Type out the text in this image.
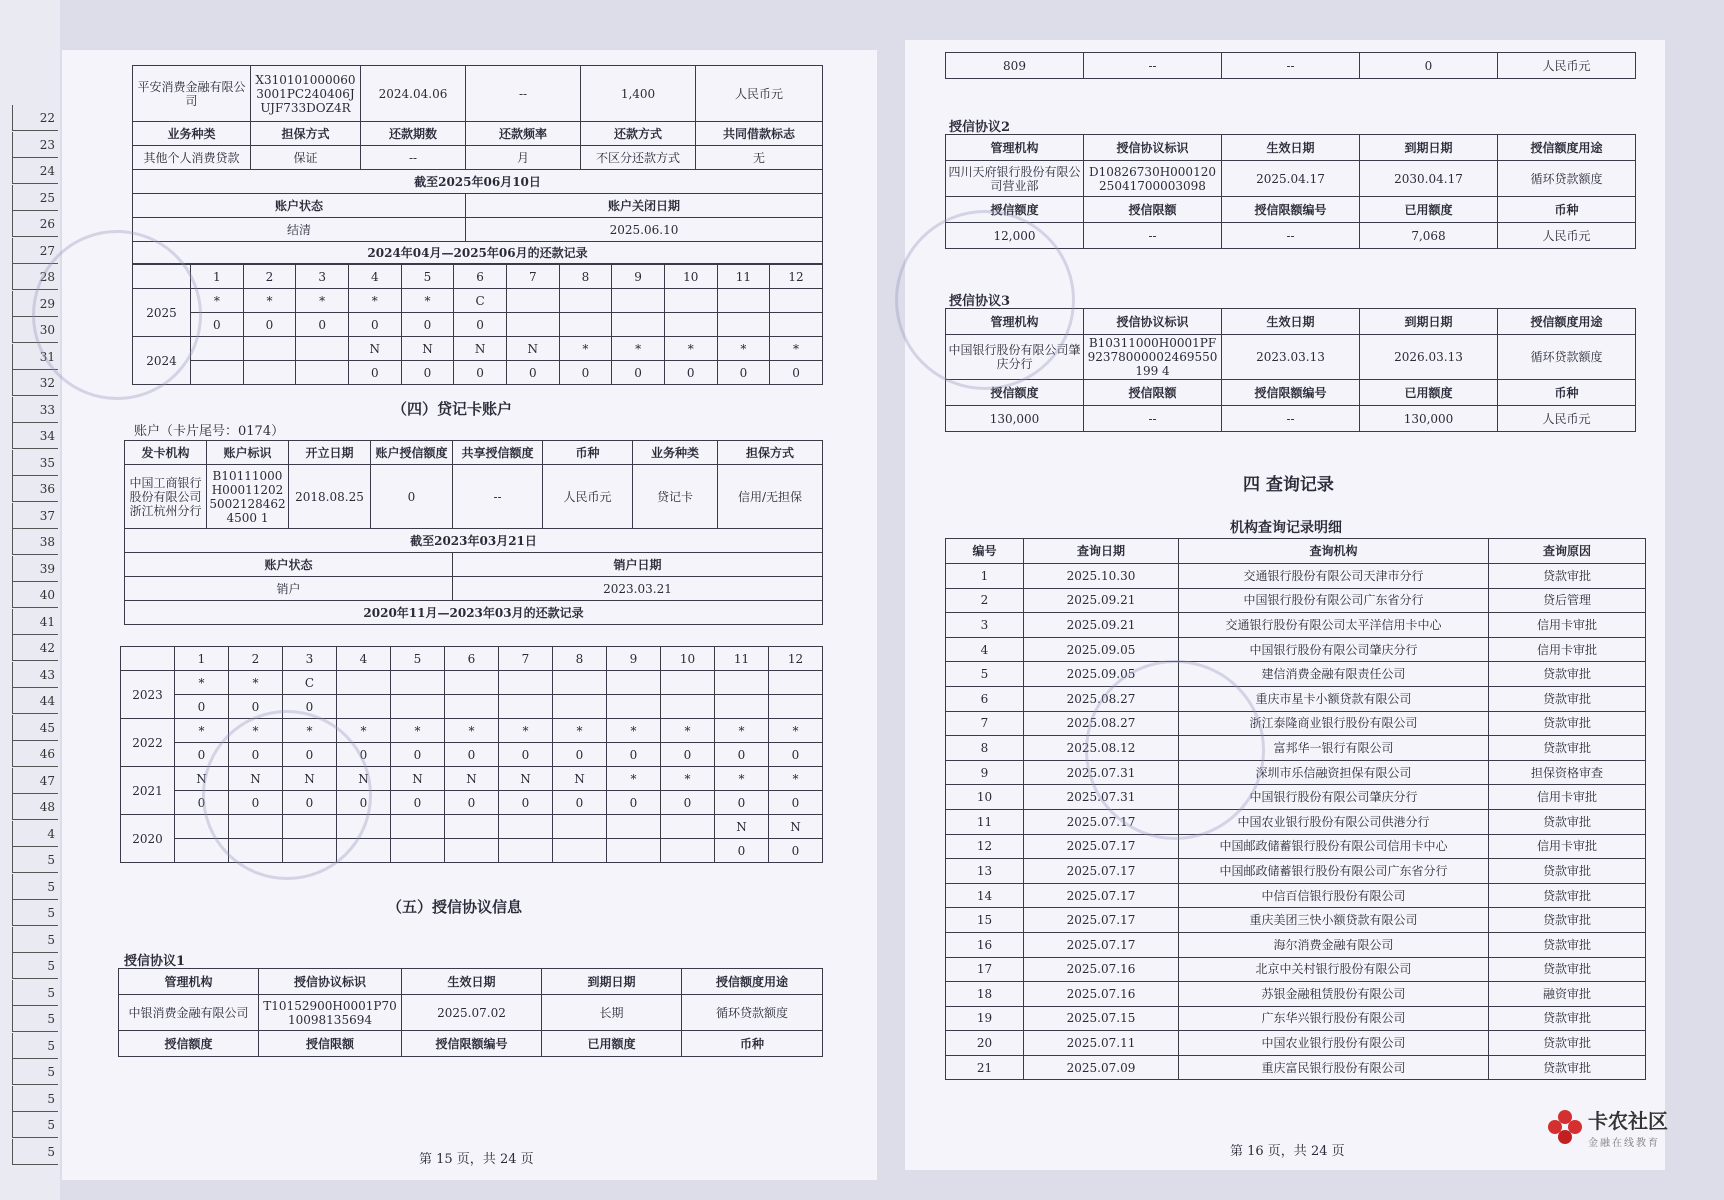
22
23
24
25
26
27
28
29
30
31
32
33
34
35
36
37
38
39
40
41
42
43
44
45
46
47
48
4
5
5
5
5
5
5
5
5
5
5
5
5
平安消费金融有限公司	X3101010000603001PC240406JUJF733DOZ4R	2024.04.06	--	1,400	人民币元
业务种类	担保方式	还款期数	还款频率	还款方式	共同借款标志
其他个人消费贷款	保证	--	月	不区分还款方式	无
截至2025年06月10日					
账户状态			账户关闭日期		
结清			2025.06.10		
2024年04月—2025年06月的还款记录					
	1	2	3	4	5	6	7	8	9	10	11	12
2025	*	*	*	*	*	C						
	0	0	0	0	0	0						
2024				N	N	N	N	*	*	*	*	*
				0	0	0	0	0	0	0	0	0
（四）贷记卡账户
账户（卡片尾号：0174）
发卡机构	账户标识	开立日期	账户授信额度	共享授信额度	币种	业务种类	担保方式
中国工商银行股份有限公司浙江杭州分行	B10111000H0001120250021284624500 1	2018.08.25	0	--	人民币元	贷记卡	信用/无担保
截至2023年03月21日							
账户状态				销户日期			
销户				2023.03.21			
2020年11月—2023年03月的还款记录							
	1	2	3	4	5	6	7	8	9	10	11	12
2023	*	*	C									
	0	0	0									
2022	*	*	*	*	*	*	*	*	*	*	*	*
	0	0	0	0	0	0	0	0	0	0	0	0
2021	N	N	N	N	N	N	N	N	*	*	*	*
	0	0	0	0	0	0	0	0	0	0	0	0
2020											N	N
											0	0
（五）授信协议信息
授信协议1
管理机构	授信协议标识	生效日期	到期日期	授信额度用途
中银消费金融有限公司	T10152900H0001P7010098135694	2025.07.02	长期	循环贷款额度
授信额度	授信限额	授信限额编号	已用额度	币种
第 15 页，共 24 页
809	--	--	0	人民币元
授信协议2
管理机构	授信协议标识	生效日期	到期日期	授信额度用途
四川天府银行股份有限公司营业部	D10826730H00012025041700003098	2025.04.17	2030.04.17	循环贷款额度
授信额度	授信限额	授信限额编号	已用额度	币种
12,000	--	--	7,068	人民币元
授信协议3
管理机构	授信协议标识	生效日期	到期日期	授信额度用途
中国银行股份有限公司肇庆分行	B10311000H0001PF92378000002469550199 4	2023.03.13	2026.03.13	循环贷款额度
授信额度	授信限额	授信限额编号	已用额度	币种
130,000	--	--	130,000	人民币元
四 查询记录
机构查询记录明细
编号	查询日期	查询机构	查询原因
1	2025.10.30	交通银行股份有限公司天津市分行	贷款审批
2	2025.09.21	中国银行股份有限公司广东省分行	贷后管理
3	2025.09.21	交通银行股份有限公司太平洋信用卡中心	信用卡审批
4	2025.09.05	中国银行股份有限公司肇庆分行	信用卡审批
5	2025.09.05	建信消费金融有限责任公司	贷款审批
6	2025.08.27	重庆市星卡小额贷款有限公司	贷款审批
7	2025.08.27	浙江泰隆商业银行股份有限公司	贷款审批
8	2025.08.12	富邦华一银行有限公司	贷款审批
9	2025.07.31	深圳市乐信融资担保有限公司	担保资格审查
10	2025.07.31	中国银行股份有限公司肇庆分行	信用卡审批
11	2025.07.17	中国农业银行股份有限公司供港分行	贷款审批
12	2025.07.17	中国邮政储蓄银行股份有限公司信用卡中心	信用卡审批
13	2025.07.17	中国邮政储蓄银行股份有限公司广东省分行	贷款审批
14	2025.07.17	中信百信银行股份有限公司	贷款审批
15	2025.07.17	重庆美团三快小额贷款有限公司	贷款审批
16	2025.07.17	海尔消费金融有限公司	贷款审批
17	2025.07.16	北京中关村银行股份有限公司	贷款审批
18	2025.07.16	苏银金融租赁股份有限公司	融资审批
19	2025.07.15	广东华兴银行股份有限公司	贷款审批
20	2025.07.11	中国农业银行股份有限公司	贷款审批
21	2025.07.09	重庆富民银行股份有限公司	贷款审批
第 16 页，共 24 页
卡农社区
金融在线教育
